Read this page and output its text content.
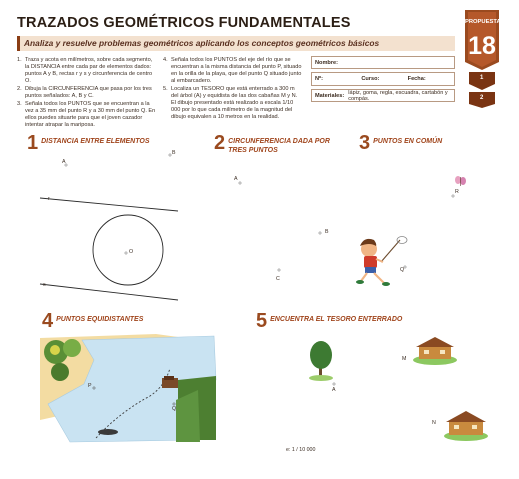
TRAZADOS GEOMÉTRICOS FUNDAMENTALES
Analiza y resuelve problemas geométricos aplicando los conceptos geométricos básicos
PROPUESTA
18
1
2
1. Traza y acota en milímetros, sobre cada segmento, la DISTANCIA entre cada par de elementos dados: puntos A y B, rectas r y s y circunferencia de centro O.
2. Dibuja la CIRCUNFERENCIA que pasa por los tres puntos señalados: A, B y C.
3. Señala todos los PUNTOS que se encuentran a la vez a 35 mm del punto R y a 30 mm del punto Q. En ellos puedes situarte para que el joven cazador intentar atrapar la mariposa.
4. Señala todos los PUNTOS del eje del río que se encuentran a la misma distancia del punto P, situado en la orilla de la playa, que del punto Q situado junto al embarcadero.
5. Localiza un TESORO que está enterrado a 300 m del árbol (A) y equidista de las dos cabañas M y N. El dibujo presentado está realizado a escala 1/10 000 por lo que cada milímetro de la magnitud del dibujo equivalen a 10 metros en la realidad.
Nombre:
Nº:	Curso:	Fecha:
Materiales: lápiz, goma, regla, escuadra, cartabón y compás.
1 DISTANCIA ENTRE ELEMENTOS	2 CIRCUNFERENCIA DADA POR TRES PUNTOS	3 PUNTOS EN COMÚN
4 PUNTOS EQUIDISTANTES	5 ENCUENTRA EL TESORO ENTERRADO
A
B
r
O
s
A
B
C
R
Q
P
Q
M
A
N
e: 1 / 10 000
